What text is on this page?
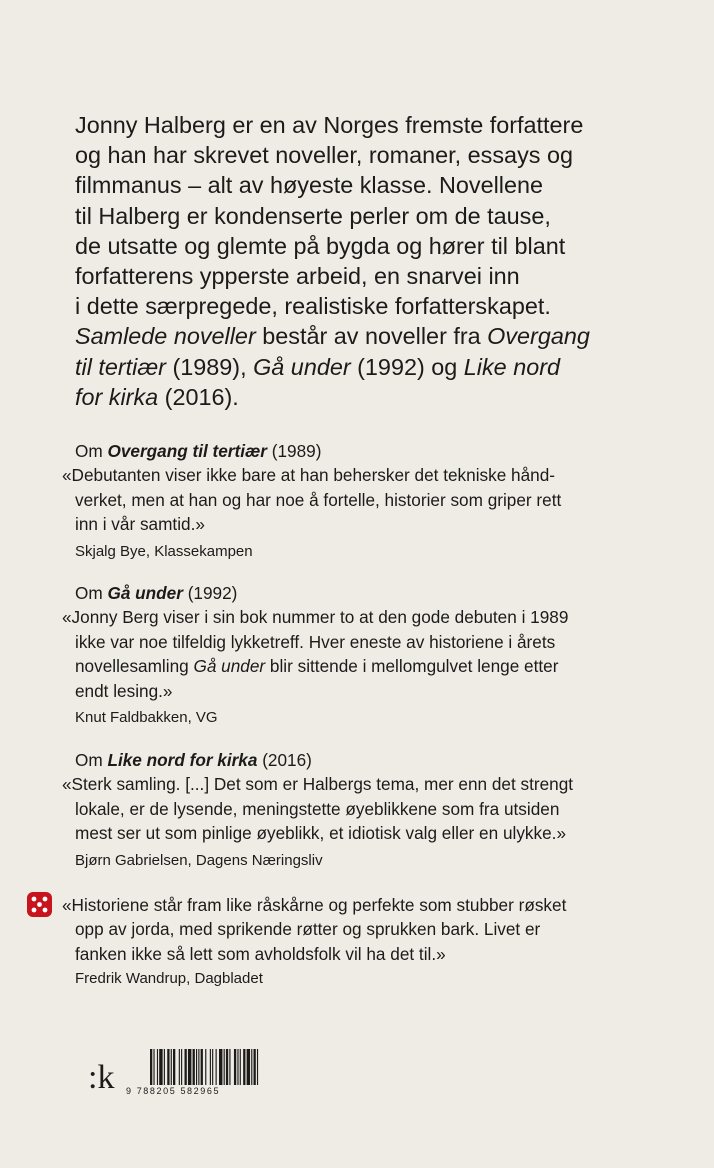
Jonny Halberg er en av Norges fremste forfattere
og han har skrevet noveller, romaner, essays og
filmmanus – alt av høyeste klasse. Novellene
til Halberg er kondenserte perler om de tause,
de utsatte og glemte på bygda og hører til blant
forfatterens ypperste arbeid, en snarvei inn
i dette særpregede, realistiske forfatterskapet.
Samlede noveller består av noveller fra Overgang
til tertiær (1989), Gå under (1992) og Like nord
for kirka (2016).
Om Overgang til tertiær (1989)
«Debutanten viser ikke bare at han behersker det tekniske hånd-
verket, men at han og har noe å fortelle, historier som griper rett
inn i vår samtid.»
Skjalg Bye, Klassekampen
Om Gå under (1992)
«Jonny Berg viser i sin bok nummer to at den gode debuten i 1989
ikke var noe tilfeldig lykketreff. Hver eneste av historiene i årets
novellesamling Gå under blir sittende i mellomgulvet lenge etter
endt lesing.»
Knut Faldbakken, VG
Om Like nord for kirka (2016)
«Sterk samling. [...] Det som er Halbergs tema, mer enn det strengt
lokale, er de lysende, meningstette øyeblikkene som fra utsiden
mest ser ut som pinlige øyeblikk, et idiotisk valg eller en ulykke.»
Bjørn Gabrielsen, Dagens Næringsliv
«Historiene står fram like råskårne og perfekte som stubber røsket
opp av jorda, med sprikende røtter og sprukken bark. Livet er
fanken ikke så lett som avholdsfolk vil ha det til.»
Fredrik Wandrup, Dagbladet
:k 9 788205 582965
